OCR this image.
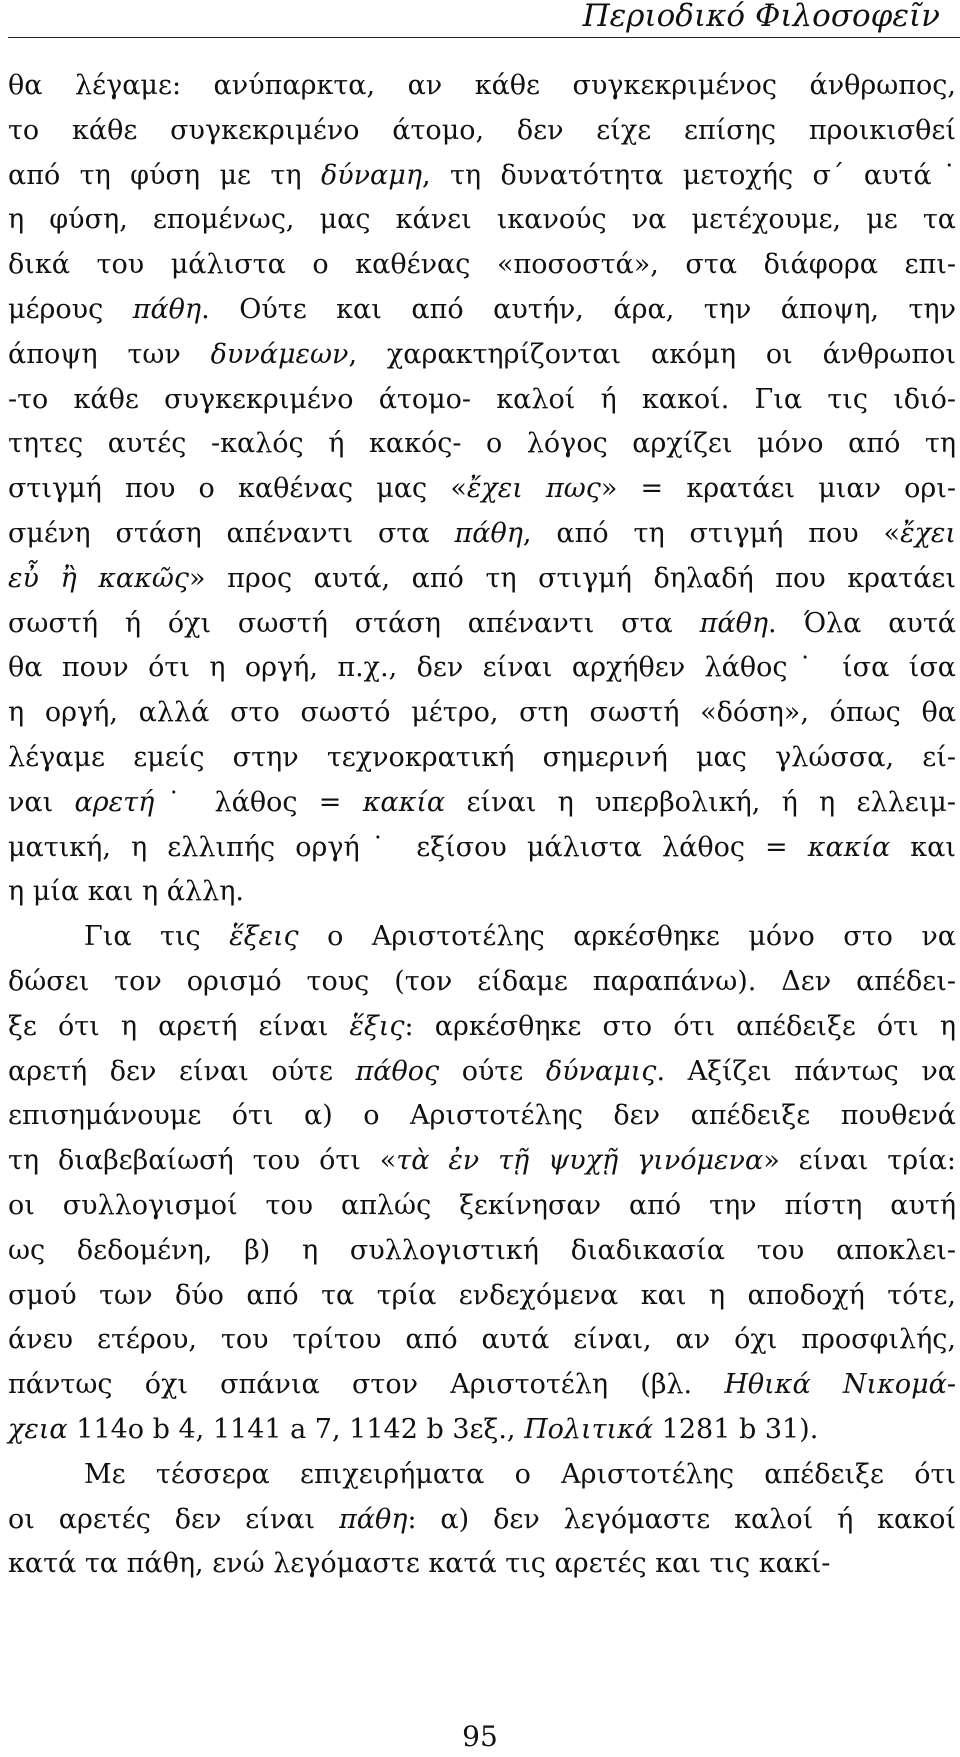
Περιοδικό Φιλοσοφεῖν
θα λέγαμε: ανύπαρκτα, αν κάθε συγκεκριμένος άνθρωπος,
το κάθε συγκεκριμένο άτομο, δεν είχε επίσης προικισθεί
από τη φύση με τη δύναμη, τη δυνατότητα μετοχής σ΄ αυτά˙
η φύση, επομένως, μας κάνει ικανούς να μετέχουμε, με τα
δικά του μάλιστα ο καθένας «ποσοστά», στα διάφορα επι-
μέρους πάθη. Ούτε και από αυτήν, άρα, την άποψη, την
άποψη των δυνάμεων, χαρακτηρίζονται ακόμη οι άνθρωποι
-το κάθε συγκεκριμένο άτομο- καλοί ή κακοί. Για τις ιδιό-
τητες αυτές -καλός ή κακός- ο λόγος αρχίζει μόνο από τη
στιγμή που ο καθένας μας «ἔχει πως» = κρατάει μιαν ορι-
σμένη στάση απέναντι στα πάθη, από τη στιγμή που «ἔχει
εὖ ἢ κακῶς» προς αυτά, από τη στιγμή δηλαδή που κρατάει
σωστή ή όχι σωστή στάση απέναντι στα πάθη. Όλα αυτά
θα πουν ότι η οργή, π.χ., δεν είναι αρχήθεν λάθος˙ ίσα ίσα
η οργή, αλλά στο σωστό μέτρο, στη σωστή «δόση», όπως θα
λέγαμε εμείς στην τεχνοκρατική σημερινή μας γλώσσα, εί-
ναι αρετή˙ λάθος = κακία είναι η υπερβολική, ή η ελλειμ-
ματική, η ελλιπής οργή˙ εξίσου μάλιστα λάθος = κακία και
η μία και η άλλη.
Για τις ἕξεις ο Αριστοτέλης αρκέσθηκε μόνο στο να
δώσει τον ορισμό τους (τον είδαμε παραπάνω). Δεν απέδει-
ξε ότι η αρετή είναι ἕξις: αρκέσθηκε στο ότι απέδειξε ότι η
αρετή δεν είναι ούτε πάθος ούτε δύναμις. Αξίζει πάντως να
επισημάνουμε ότι α) ο Αριστοτέλης δεν απέδειξε πουθενά
τη διαβεβαίωσή του ότι «τὰ ἐν τῇ ψυχῇ γινόμενα» είναι τρία:
οι συλλογισμοί του απλώς ξεκίνησαν από την πίστη αυτή
ως δεδομένη, β) η συλλογιστική διαδικασία του αποκλει-
σμού των δύο από τα τρία ενδεχόμενα και η αποδοχή τότε,
άνευ ετέρου, του τρίτου από αυτά είναι, αν όχι προσφιλής,
πάντως όχι σπάνια στον Αριστοτέλη (βλ. Ηθικά Νικομά-
χεια 114ο b 4, 1141 a 7, 1142 b 3εξ., Πολιτικά 1281 b 31).
Με τέσσερα επιχειρήματα ο Αριστοτέλης απέδειξε ότι
οι αρετές δεν είναι πάθη: α) δεν λεγόμαστε καλοί ή κακοί
κατά τα πάθη, ενώ λεγόμαστε κατά τις αρετές και τις κακί-
95
